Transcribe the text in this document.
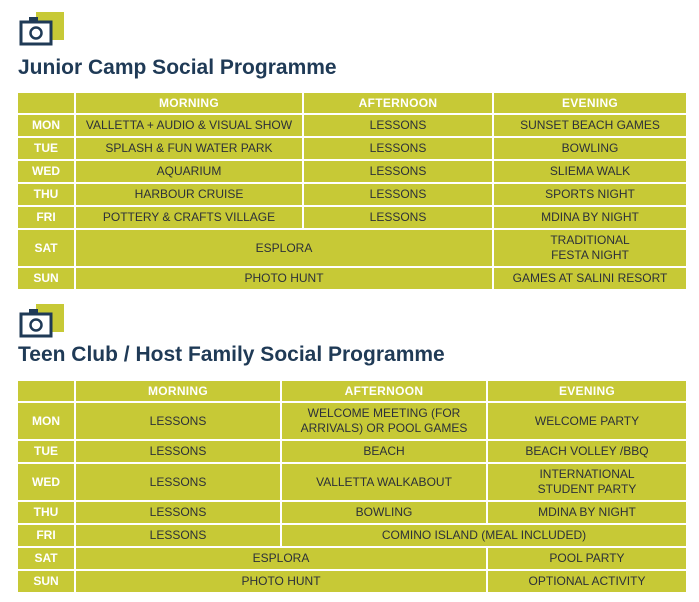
Junior Camp Social Programme
	MORNING	AFTERNOON	EVENING
MON	VALLETTA + AUDIO & VISUAL SHOW	LESSONS	SUNSET BEACH GAMES
TUE	SPLASH & FUN WATER PARK	LESSONS	BOWLING
WED	AQUARIUM	LESSONS	SLIEMA WALK
THU	HARBOUR CRUISE	LESSONS	SPORTS NIGHT
FRI	POTTERY & CRAFTS VILLAGE	LESSONS	MDINA BY NIGHT
SAT	ESPLORA		TRADITIONAL
FESTA NIGHT

SUN	PHOTO HUNT		GAMES AT SALINI RESORT
Teen Club / Host Family Social Programme
	MORNING	AFTERNOON	EVENING
MON	LESSONS	WELCOME MEETING (FOR
ARRIVALS) OR POOL GAMES	WELCOME PARTY
TUE	LESSONS	BEACH	BEACH VOLLEY /BBQ
WED	LESSONS	VALLETTA WALKABOUT	INTERNATIONAL
STUDENT PARTY

THU	LESSONS	BOWLING	MDINA BY NIGHT
FRI	LESSONS	COMINO ISLAND (MEAL INCLUDED)	
SAT	ESPLORA		POOL PARTY
SUN	PHOTO HUNT		OPTIONAL ACTIVITY
